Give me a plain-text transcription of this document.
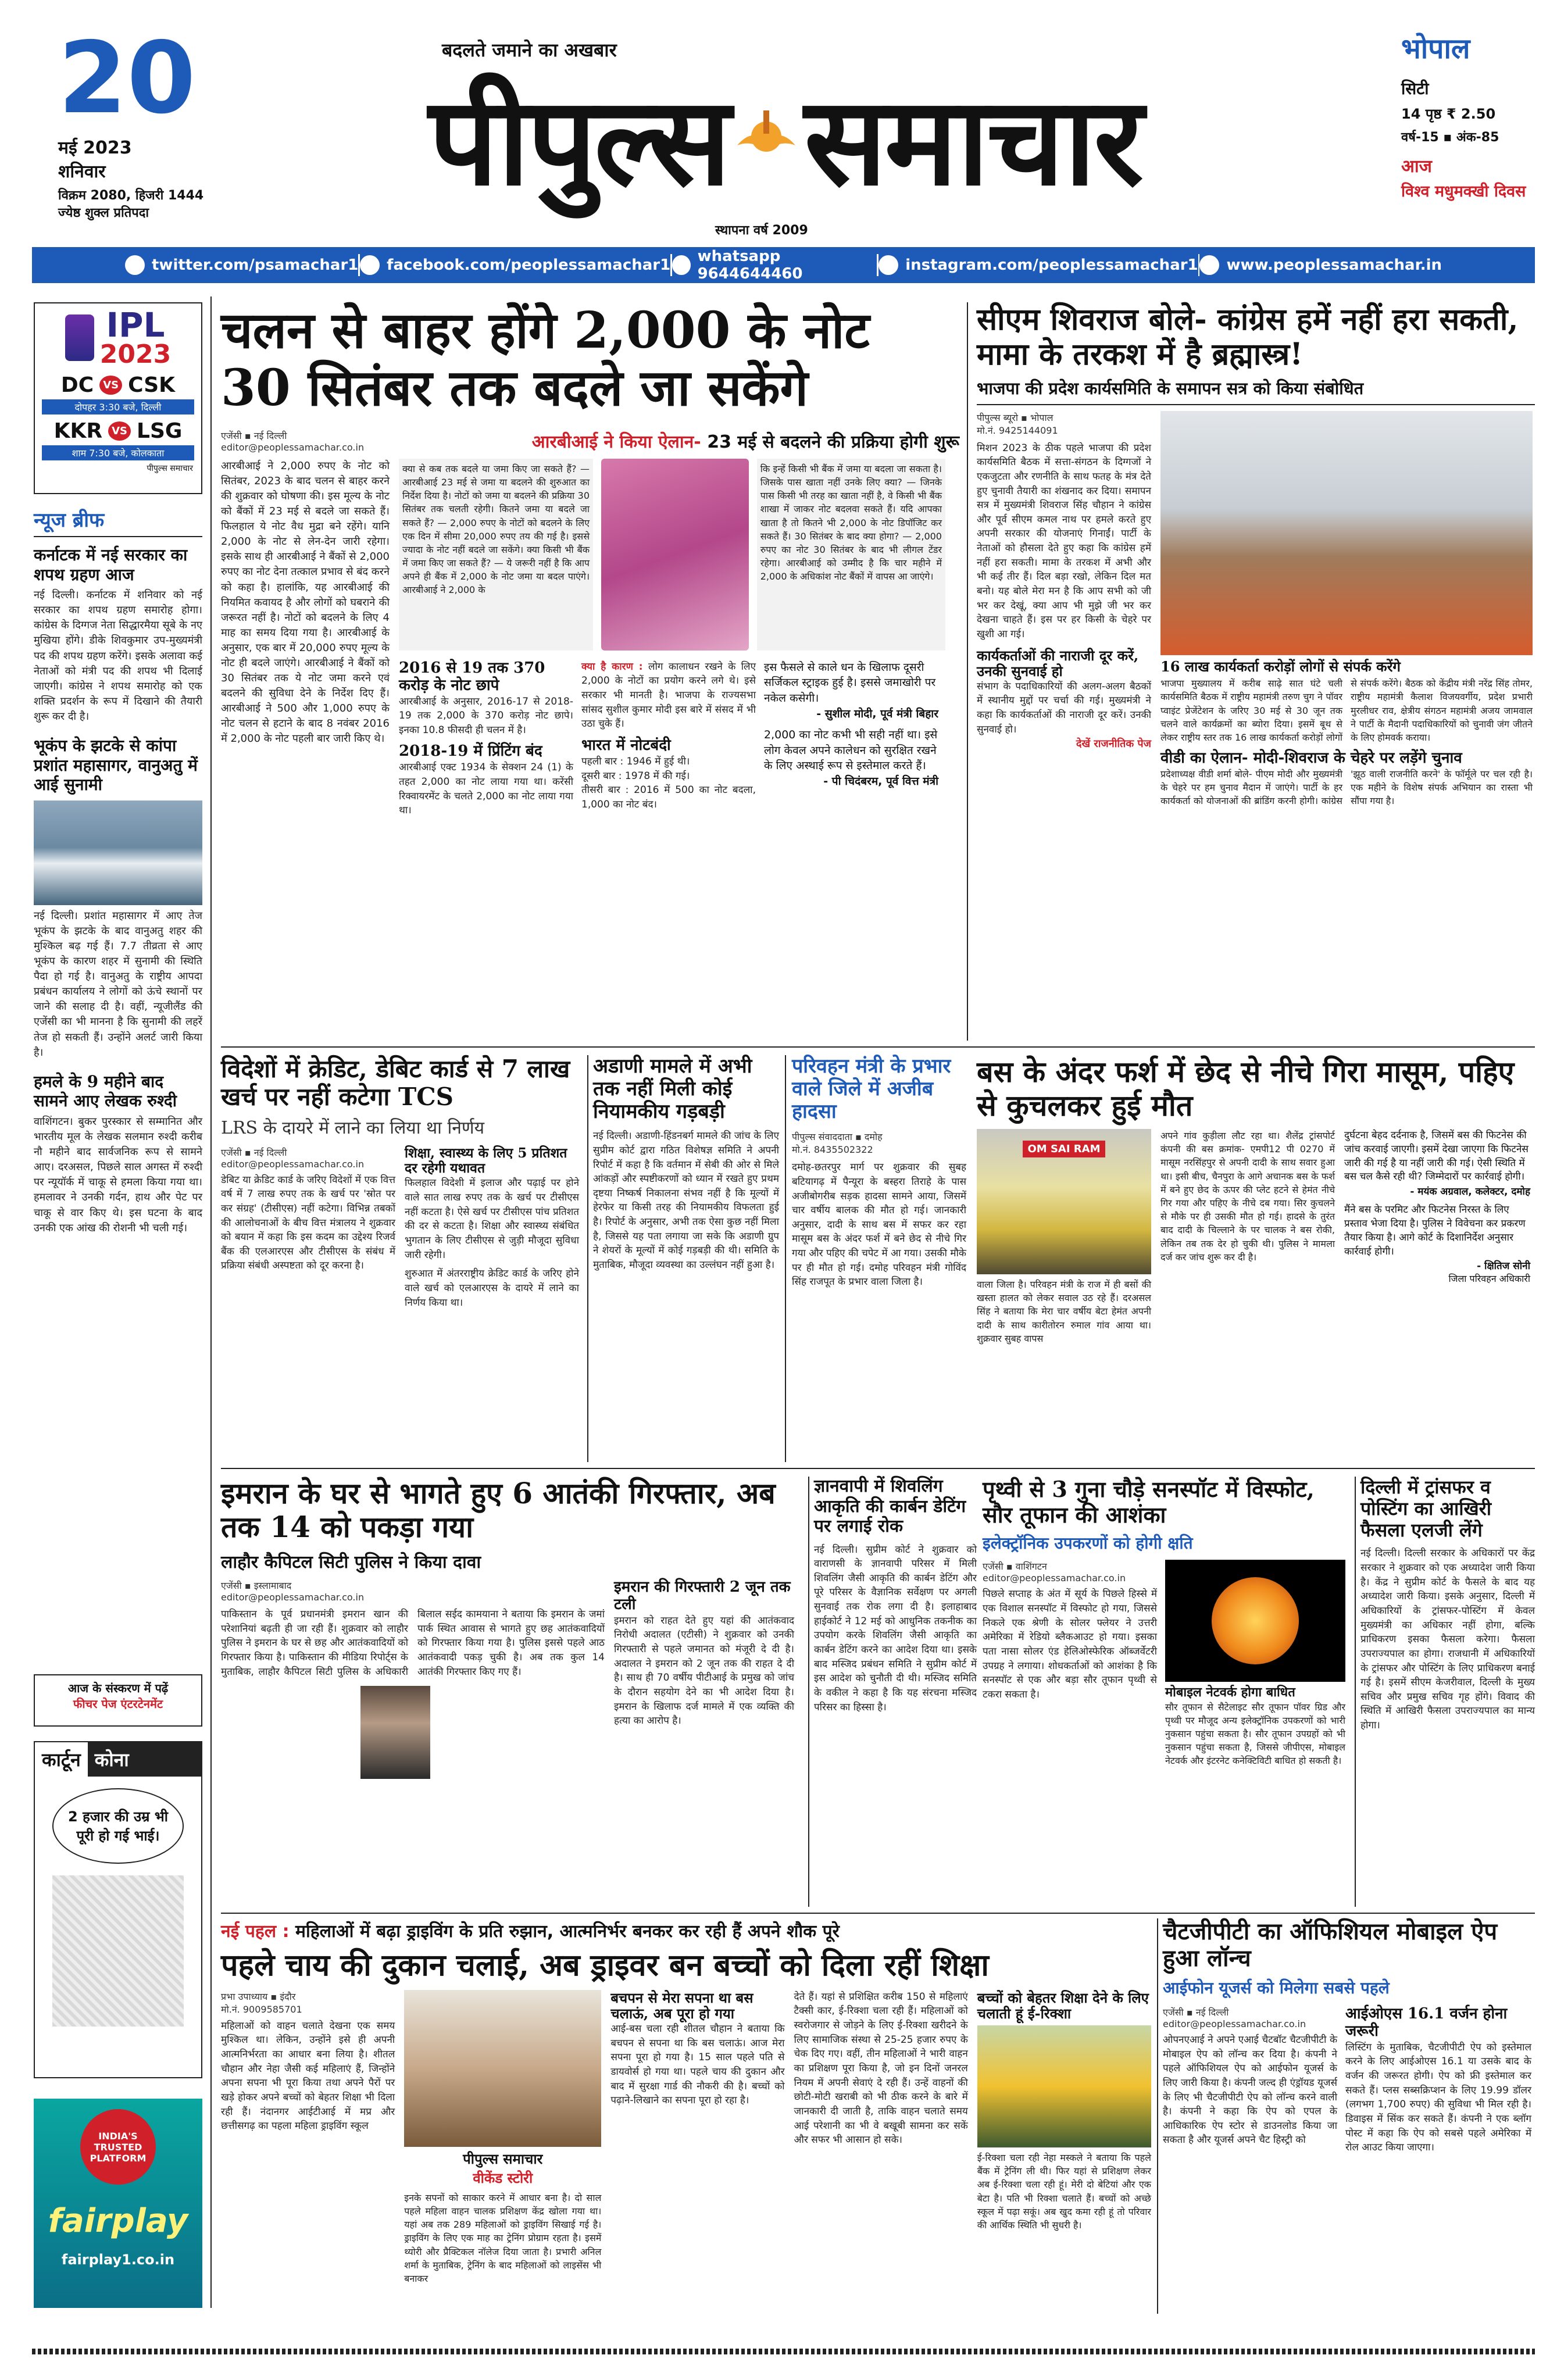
20
मई 2023
शनिवार
विक्रम 2080, हिजरी 1444
ज्येष्ठ शुक्ल प्रतिपदा
बदलते जमाने का अखबार
पीपुल्स समाचार
स्थापना वर्ष 2009
भोपाल
सिटी
14 पृष्ठ ₹ 2.50
वर्ष-15 ▪ अंक-85
आज
विश्व मधुमक्खी दिवस
twitter.com/psamachar1 facebook.com/peoplessamachar1 whatsapp 9644644460	instagram.com/peoplessamachar1 www.peoplessamachar.in
IPL
2023
DC VS CSK
दोपहर 3:30 बजे, दिल्ली
KKR VS LSG
शाम 7:30 बजे, कोलकाता
पीपुल्स समाचार
न्यूज ब्रीफ
कर्नाटक में नई सरकार का शपथ ग्रहण आज
नई दिल्ली। कर्नाटक में शनिवार को नई सरकार का शपथ ग्रहण समारोह होगा। कांग्रेस के दिग्गज नेता सिद्धारमैया सूबे के नए मुखिया होंगे। डीके शिवकुमार उप-मुख्यमंत्री पद की शपथ ग्रहण करेंगे। इसके अलावा कई नेताओं को मंत्री पद की शपथ भी दिलाई जाएगी। कांग्रेस ने शपथ समारोह को एक शक्ति प्रदर्शन के रूप में दिखाने की तैयारी शुरू कर दी है।
भूकंप के झटके से कांपा प्रशांत महासागर, वानुअतु में आई सुनामी
नई दिल्ली। प्रशांत महासागर में आए तेज भूकंप के झटके के बाद वानुअतु शहर की मुश्किल बढ़ गई हैं। 7.7 तीव्रता से आए भूकंप के कारण शहर में सुनामी की स्थिति पैदा हो गई है। वानुअतु के राष्ट्रीय आपदा प्रबंधन कार्यालय ने लोगों को ऊंचे स्थानों पर जाने की सलाह दी है। वहीं, न्यूजीलैंड की एजेंसी का भी मानना है कि सुनामी की लहरें तेज हो सकती हैं। उन्होंने अलर्ट जारी किया है।
हमले के 9 महीने बाद सामने आए लेखक रुश्दी
वाशिंगटन। बुकर पुरस्कार से सम्मानित और भारतीय मूल के लेखक सलमान रुश्दी करीब नौ महीने बाद सार्वजनिक रूप से सामने आए। दरअसल, पिछले साल अगस्त में रुश्दी पर न्यूयॉर्क में चाकू से हमला किया गया था। हमलावर ने उनकी गर्दन, हाथ और पेट पर चाकू से वार किए थे। इस घटना के बाद उनकी एक आंख की रोशनी भी चली गई।
आज के संस्करण में पढ़ें
फीचर पेज एंटरटेनमेंट
कार्टून कोना
2 हजार की उम्र भी पूरी हो गई भाई।
INDIA'S TRUSTED PLATFORM
fairplay
fairplay1.co.in
चलन से बाहर होंगे 2,000 के नोट
30 सितंबर तक बदले जा सकेंगे
एजेंसी ▪ नई दिल्ली
editor@peoplessamachar.co.in	आरबीआई ने किया ऐलान- 23 मई से बदलने की प्रक्रिया होगी शुरू
आरबीआई ने 2,000 रुपए के नोट को सितंबर, 2023 के बाद चलन से बाहर करने की शुक्रवार को घोषणा की। इस मूल्य के नोट को बैंकों में 23 मई से बदले जा सकते हैं। फिलहाल ये नोट वैध मुद्रा बने रहेंगे। यानि 2,000 के नोट से लेन-देन जारी रहेगा। इसके साथ ही आरबीआई ने बैंकों से 2,000 रुपए का नोट देना तत्काल प्रभाव से बंद करने को कहा है। हालांकि, यह आरबीआई की नियमित कवायद है और लोगों को घबराने की जरूरत नहीं है। नोटों को बदलने के लिए 4 माह का समय दिया गया है। आरबीआई के अनुसार, एक बार में 20,000 रुपए मूल्य के नोट ही बदले जाएंगे। आरबीआई ने बैंकों को 30 सितंबर तक ये नोट जमा करने एवं बदलने की सुविधा देने के निर्देश दिए हैं। आरबीआई ने 500 और 1,000 रुपए के नोट चलन से हटाने के बाद 8 नवंबर 2016 में 2,000 के नोट पहली बार जारी किए थे।
क्या से कब तक बदले या जमा किए जा सकते हैं? — आरबीआई 23 मई से जमा या बदलने की शुरुआत का निर्देश दिया है। नोटों को जमा या बदलने की प्रक्रिया 30 सितंबर तक चलती रहेगी। कितने जमा या बदले जा सकते हैं? — 2,000 रुपए के नोटों को बदलने के लिए एक दिन में सीमा 20,000 रुपए तय की गई है। इससे ज्यादा के नोट नहीं बदले जा सकेंगे। क्या किसी भी बैंक में जमा किए जा सकते हैं? — ये जरूरी नहीं है कि आप अपने ही बैंक में 2,000 के नोट जमा या बदल पाएंगे। आरबीआई ने 2,000 के
कि इन्हें किसी भी बैंक में जमा या बदला जा सकता है। जिसके पास खाता नहीं उनके लिए क्या? — जिनके पास किसी भी तरह का खाता नहीं है, वे किसी भी बैंक शाखा में जाकर नोट बदलवा सकते हैं। यदि आपका खाता है तो कितने भी 2,000 के नोट डिपॉजिट कर सकते हैं। 30 सितंबर के बाद क्या होगा? — 2,000 रुपए का नोट 30 सितंबर के बाद भी लीगल टेंडर रहेगा। आरबीआई को उम्मीद है कि चार महीने में 2,000 के अधिकांश नोट बैंकों में वापस आ जाएंगे।
2016 से 19 तक 370 करोड़ के नोट छापे
आरबीआई के अनुसार, 2016-17 से 2018-19 तक 2,000 के 370 करोड़ नोट छापे। इनका 10.8 फीसदी ही चलन में है।
2018-19 में प्रिंटिंग बंद
आरबीआई एक्ट 1934 के सेक्शन 24 (1) के तहत 2,000 का नोट लाया गया था। करेंसी रिक्वायरमेंट के चलते 2,000 का नोट लाया गया था।
क्या है कारण : लोग कालाधन रखने के लिए 2,000 के नोटों का प्रयोग करने लगे थे। इसे सरकार भी मानती है। भाजपा के राज्यसभा सांसद सुशील कुमार मोदी इस बारे में संसद में भी उठा चुके हैं।
भारत में नोटबंदी
पहली बार : 1946 में हुई थी।
दूसरी बार : 1978 में की गई।
तीसरी बार : 2016 में 500 का नोट बदला, 1,000 का नोट बंद।
इस फैसले से काले धन के खिलाफ दूसरी सर्जिकल स्ट्राइक हुई है। इससे जमाखोरी पर नकेल कसेगी।
- सुशील मोदी, पूर्व मंत्री बिहार
2,000 का नोट कभी भी सही नहीं था। इसे लोग केवल अपने कालेधन को सुरक्षित रखने के लिए अस्थाई रूप से इस्तेमाल करते हैं।
- पी चिदंबरम, पूर्व वित्त मंत्री
सीएम शिवराज बोले- कांग्रेस हमें नहीं हरा सकती, मामा के तरकश में है ब्रह्मास्त्र!
भाजपा की प्रदेश कार्यसमिति के समापन सत्र को किया संबोधित
पीपुल्स ब्यूरो ▪ भोपाल
मो.नं. 9425144091
मिशन 2023 के ठीक पहले भाजपा की प्रदेश कार्यसमिति बैठक में सत्ता-संगठन के दिग्गजों ने एकजुटता और रणनीति के साथ फतह के मंत्र देते हुए चुनावी तैयारी का शंखनाद कर दिया। समापन सत्र में मुख्यमंत्री शिवराज सिंह चौहान ने कांग्रेस और पूर्व सीएम कमल नाथ पर हमले करते हुए अपनी सरकार की योजनाएं गिनाईं। पार्टी के नेताओं को हौसला देते हुए कहा कि कांग्रेस हमें नहीं हरा सकती। मामा के तरकश में अभी और भी कई तीर हैं। दिल बड़ा रखो, लेकिन दिल मत बनो। यह बोले मेरा मन है कि आप सभी को जी भर कर देखूं, क्या आप भी मुझे जी भर कर देखना चाहते हैं। इस पर हर किसी के चेहरे पर खुशी आ गई।
कार्यकर्ताओं की नाराजी दूर करें, उनकी सुनवाई हो
संभाग के पदाधिकारियों की अलग-अलग बैठकों में स्थानीय मुद्दों पर चर्चा की गई। मुख्यमंत्री ने कहा कि कार्यकर्ताओं की नाराजी दूर करें। उनकी सुनवाई हो।
देखें राजनीतिक पेज
16 लाख कार्यकर्ता करोड़ों लोगों से संपर्क करेंगे
भाजपा मुख्यालय में करीब साढ़े सात घंटे चली कार्यसमिति बैठक में राष्ट्रीय महामंत्री तरुण चुग ने पॉवर प्वाइंट प्रेजेंटेशन के जरिए 30 मई से 30 जून तक चलने वाले कार्यक्रमों का ब्योरा दिया। इसमें बूथ से लेकर राष्ट्रीय स्तर तक 16 लाख कार्यकर्ता करोड़ों लोगों से संपर्क करेंगे। बैठक को केंद्रीय मंत्री नरेंद्र सिंह तोमर, राष्ट्रीय महामंत्री कैलाश विजयवर्गीय, प्रदेश प्रभारी मुरलीधर राव, क्षेत्रीय संगठन महामंत्री अजय जामवाल ने पार्टी के मैदानी पदाधिकारियों को चुनावी जंग जीतने के लिए होमवर्क कराया।
वीडी का ऐलान- मोदी-शिवराज के चेहरे पर लड़ेंगे चुनाव
प्रदेशाध्यक्ष वीडी शर्मा बोले- पीएम मोदी और मुख्यमंत्री के चेहरे पर हम चुनाव मैदान में जाएंगे। पार्टी के हर कार्यकर्ता को योजनाओं की ब्रांडिंग करनी होगी। कांग्रेस 'झूठ वाली राजनीति करने' के फॉर्मूले पर चल रही है। एक महीने के विशेष संपर्क अभियान का रास्ता भी सौंपा गया है।
विदेशों में क्रेडिट, डेबिट कार्ड से 7 लाख खर्च पर नहीं कटेगा TCS
LRS के दायरे में लाने का लिया था निर्णय
एजेंसी ▪ नई दिल्ली
editor@peoplessamachar.co.in
डेबिट या क्रेडिट कार्ड के जरिए विदेशों में एक वित्त वर्ष में 7 लाख रुपए तक के खर्च पर 'स्रोत पर कर संग्रह' (टीसीएस) नहीं कटेगा। विभिन्न तबकों की आलोचनाओं के बीच वित्त मंत्रालय ने शुक्रवार को बयान में कहा कि इस कदम का उद्देश्य रिजर्व बैंक की एलआरएस और टीसीएस के संबंध में प्रक्रिया संबंधी अस्पष्टता को दूर करना है।
शिक्षा, स्वास्थ्य के लिए 5 प्रतिशत दर रहेगी यथावत
फिलहाल विदेशी में इलाज और पढ़ाई पर होने वाले सात लाख रुपए तक के खर्च पर टीसीएस नहीं कटता है। ऐसे खर्च पर टीसीएस पांच प्रतिशत की दर से कटता है। शिक्षा और स्वास्थ्य संबंधित भुगतान के लिए टीसीएस से जुड़ी मौजूदा सुविधा जारी रहेगी।
शुरुआत में अंतरराष्ट्रीय क्रेडिट कार्ड के जरिए होने वाले खर्च को एलआरएस के दायरे में लाने का निर्णय किया था।
अडाणी मामले में अभी तक नहीं मिली कोई नियामकीय गड़बड़ी
नई दिल्ली। अडाणी-हिंडनबर्ग मामले की जांच के लिए सुप्रीम कोर्ट द्वारा गठित विशेषज्ञ समिति ने अपनी रिपोर्ट में कहा है कि वर्तमान में सेबी की ओर से मिले आंकड़ों और स्पष्टीकरणों को ध्यान में रखते हुए प्रथम दृष्टया निष्कर्ष निकालना संभव नहीं है कि मूल्यों में हेरफेर या किसी तरह की नियामकीय विफलता हुई है। रिपोर्ट के अनुसार, अभी तक ऐसा कुछ नहीं मिला है, जिससे यह पता लगाया जा सके कि अडाणी ग्रुप ने शेयरों के मूल्यों में कोई गड़बड़ी की थी। समिति के मुताबिक, मौजूदा व्यवस्था का उल्लंघन नहीं हुआ है।
परिवहन मंत्री के प्रभार वाले जिले में अजीब हादसा
पीपुल्स संवाददाता ▪ दमोह
मो.नं. 8435502322
दमोह-छतरपुर मार्ग पर शुक्रवार की सुबह बटियागढ़ में पैन्यूरा के बस्हरा तिराहे के पास अजीबोगरीब सड़क हादसा सामने आया, जिसमें चार वर्षीय बालक की मौत हो गई। जानकारी अनुसार, दादी के साथ बस में सफर कर रहा मासूम बस के अंदर फर्श में बने छेद से नीचे गिर गया और पहिए की चपेट में आ गया। उसकी मौके पर ही मौत हो गई। दमोह परिवहन मंत्री गोविंद सिंह राजपूत के प्रभार वाला जिला है।
बस के अंदर फर्श में छेद से नीचे गिरा मासूम, पहिए से कुचलकर हुई मौत
OM SAI RAM
वाला जिला है। परिवहन मंत्री के राज में ही बसों की खस्ता हालत को लेकर सवाल उठ रहे हैं। दरअसल सिंह ने बताया कि मेरा चार वर्षीय बेटा हेमंत अपनी दादी के साथ कारीतोरन रुमाल गांव आया था। शुक्रवार सुबह वापस
अपने गांव कुड़ीला लौट रहा था। शैलेंद्र ट्रांसपोर्ट कंपनी की बस क्रमांक- एमपी12 पी 0270 में मासूम नरसिंहपुर से अपनी दादी के साथ सवार हुआ था। इसी बीच, चैनपुरा के आगे अचानक बस के फर्श में बने हुए छेद के ऊपर की प्लेट हटने से हेमंत नीचे गिर गया और पहिए के नीचे दब गया। सिर कुचलने से मौके पर ही उसकी मौत हो गई। हादसे के तुरंत बाद दादी के चिल्लाने के पर चालक ने बस रोकी, लेकिन तब तक देर हो चुकी थी। पुलिस ने मामला दर्ज कर जांच शुरू कर दी है।
दुर्घटना बेहद दर्दनाक है, जिसमें बस की फिटनेस की जांच करवाई जाएगी। इसमें देखा जाएगा कि फिटनेस जारी की गई है या नहीं जारी की गई। ऐसी स्थिति में बस चल कैसे रही थी? जिम्मेदारों पर कार्रवाई होगी।
- मयंक अग्रवाल, कलेक्टर, दमोह
मैंने बस के परमिट और फिटनेस निरस्त के लिए प्रस्ताव भेजा दिया है। पुलिस ने विवेचना कर प्रकरण तैयार किया है। आगे कोर्ट के दिशानिर्देश अनुसार कार्रवाई होगी।
- क्षितिज सोनी
जिला परिवहन अधिकारी
इमरान के घर से भागते हुए 6 आतंकी गिरफ्तार, अब तक 14 को पकड़ा गया
लाहौर कैपिटल सिटी पुलिस ने किया दावा
एजेंसी ▪ इस्लामाबाद
editor@peoplessamachar.co.in
पाकिस्तान के पूर्व प्रधानमंत्री इमरान खान की परेशानियां बढ़ती ही जा रही हैं। शुक्रवार को लाहौर पुलिस ने इमरान के घर से छह और आतंकवादियों को गिरफ्तार किया है। पाकिस्तान की मीडिया रिपोर्ट्स के मुताबिक, लाहौर कैपिटल सिटी पुलिस के अधिकारी बिलाल सईद कामयाना ने बताया कि इमरान के जमां पार्क स्थित आवास से भागते हुए छह आतंकवादियों को गिरफ्तार किया गया है। पुलिस इससे पहले आठ आतंकवादी पकड़ चुकी है। अब तक कुल 14 आतंकी गिरफ्तार किए गए हैं।
इमरान की गिरफ्तारी 2 जून तक टली
इमरान को राहत देते हुए यहां की आतंकवाद निरोधी अदालत (एटीसी) ने शुक्रवार को उनकी गिरफ्तारी से पहले जमानत को मंजूरी दे दी है। अदालत ने इमरान को 2 जून तक की राहत दे दी है। साथ ही 70 वर्षीय पीटीआई के प्रमुख को जांच के दौरान सहयोग देने का भी आदेश दिया है। इमरान के खिलाफ दर्ज मामले में एक व्यक्ति की हत्या का आरोप है।
ज्ञानवापी में शिवलिंग आकृति की कार्बन डेटिंग पर लगाई रोक
नई दिल्ली। सुप्रीम कोर्ट ने शुक्रवार को वाराणसी के ज्ञानवापी परिसर में मिली शिवलिंग जैसी आकृति की कार्बन डेटिंग और पूरे परिसर के वैज्ञानिक सर्वेक्षण पर अगली सुनवाई तक रोक लगा दी है। इलाहाबाद हाईकोर्ट ने 12 मई को आधुनिक तकनीक का उपयोग करके शिवलिंग जैसी आकृति का कार्बन डेटिंग करने का आदेश दिया था। इसके बाद मस्जिद प्रबंधन समिति ने सुप्रीम कोर्ट में इस आदेश को चुनौती दी थी। मस्जिद समिति के वकील ने कहा है कि यह संरचना मस्जिद परिसर का हिस्सा है।
पृथ्वी से 3 गुना चौड़े सनस्पॉट में विस्फोट, सौर तूफान की आशंका
इलेक्ट्रॉनिक उपकरणों को होगी क्षति
एजेंसी ▪ वाशिंगटन
editor@peoplessamachar.co.in
पिछले सप्ताह के अंत में सूर्य के पिछले हिस्से में एक विशाल सनस्पॉट में विस्फोट हो गया, जिससे निकले एक श्रेणी के सोलर फ्लेयर ने उत्तरी अमेरिका में रेडियो ब्लैकआउट हो गया। इसका पता नासा सोलर एंड हेलिओस्फेरिक ऑब्जर्वेटरी उपग्रह ने लगाया। शोधकर्ताओं को आशंका है कि सनस्पॉट से एक और बड़ा सौर तूफान पृथ्वी से टकरा सकता है।	मोबाइल नेटवर्क होगा बाधित
सौर तूफान से सैटेलाइट सौर तूफान पॉवर ग्रिड और पृथ्वी पर मौजूद अन्य इलेक्ट्रॉनिक उपकरणों को भारी नुकसान पहुंचा सकता है। सौर तूफान उपग्रहों को भी नुकसान पहुंचा सकता है, जिससे जीपीएस, मोबाइल नेटवर्क और इंटरनेट कनेक्टिविटी बाधित हो सकती है।
दिल्ली में ट्रांसफर व पोस्टिंग का आखिरी फैसला एलजी लेंगे
नई दिल्ली। दिल्ली सरकार के अधिकारों पर केंद्र सरकार ने शुक्रवार को एक अध्यादेश जारी किया है। केंद्र ने सुप्रीम कोर्ट के फैसले के बाद यह अध्यादेश जारी किया। इसके अनुसार, दिल्ली में अधिकारियों के ट्रांसफर-पोस्टिंग में केवल मुख्यमंत्री का अधिकार नहीं होगा, बल्कि प्राधिकरण इसका फैसला करेगा। फैसला उपराज्यपाल का होगा। राजधानी में अधिकारियों के ट्रांसफर और पोस्टिंग के लिए प्राधिकरण बनाई गई है। इसमें सीएम केजरीवाल, दिल्ली के मुख्य सचिव और प्रमुख सचिव गृह होंगे। विवाद की स्थिति में आखिरी फैसला उपराज्यपाल का मान्य होगा।
नई पहल : महिलाओं में बढ़ा ड्राइविंग के प्रति रुझान, आत्मनिर्भर बनकर कर रही हैं अपने शौक पूरे
पहले चाय की दुकान चलाई, अब ड्राइवर बन बच्चों को दिला रहीं शिक्षा
प्रभा उपाध्याय ▪ इंदौर
मो.नं. 9009585701
महिलाओं को वाहन चलाते देखना एक समय मुश्किल था। लेकिन, उन्होंने इसे ही अपनी आत्मनिर्भरता का आधार बना लिया है। शीतल चौहान और नेहा जैसी कई महिलाएं हैं, जिन्होंने अपना सपना भी पूरा किया तथा अपने पैरों पर खड़े होकर अपने बच्चों को बेहतर शिक्षा भी दिला रही हैं। नंदानगर आईटीआई में मप्र और छत्तीसगढ़ का पहला महिला ड्राइविंग स्कूल
पीपुल्स समाचार
वीकेंड स्टोरी
इनके सपनों को साकार करने में आधार बना है। दो साल पहले महिला वाहन चालक प्रशिक्षण केंद्र खोला गया था। यहां अब तक 289 महिलाओं को ड्राइविंग सिखाई गई है। ड्राइविंग के लिए एक माह का ट्रेनिंग प्रोग्राम रहता है। इसमें थ्योरी और प्रैक्टिकल नॉलेज दिया जाता है। प्रभारी अनिल शर्मा के मुताबिक, ट्रेनिंग के बाद महिलाओं को लाइसेंस भी बनाकर
बचपन से मेरा सपना था बस चलाऊं, अब पूरा हो गया
आई-बस चला रही शीतल चौहान ने बताया कि बचपन से सपना था कि बस चलाऊं। आज मेरा सपना पूरा हो गया है। 15 साल पहले पति से डायवोर्स हो गया था। पहले चाय की दुकान और बाद में सुरक्षा गार्ड की नौकरी की है। बच्चों को पढ़ाने-लिखाने का सपना पूरा हो रहा है।
देते हैं। यहां से प्रशिक्षित करीब 150 से महिलाएं टैक्सी कार, ई-रिक्शा चला रही हैं। महिलाओं को स्वरोजगार से जोड़ने के लिए ई-रिक्शा खरीदने के लिए सामाजिक संस्था से 25-25 हजार रुपए के चेक दिए गए। वहीं, तीन महिलाओं ने भारी वाहन का प्रशिक्षण पूरा किया है, जो इन दिनों जनरल नियम में अपनी सेवाएं दे रही हैं। उन्हें वाहनों की छोटी-मोटी खराबी को भी ठीक करने के बारे में जानकारी दी जाती है, ताकि वाहन चलाते समय आई परेशानी का भी वे बखूबी सामना कर सकें और सफर भी आसान हो सके।
बच्चों को बेहतर शिक्षा देने के लिए चलाती हूं ई-रिक्शा
ई-रिक्शा चला रही नेहा मस्कले ने बताया कि पहले बैंक में ट्रेनिंग ली थी। फिर यहां से प्रशिक्षण लेकर अब ई-रिक्शा चला रही हूं। मेरी दो बेटियां और एक बेटा है। पति भी रिक्शा चलाते हैं। बच्चों को अच्छे स्कूल में पढ़ा सकूं। अब खुद कमा रही हूं तो परिवार की आर्थिक स्थिति भी सुधरी है।
चैटजीपीटी का ऑफिशियल मोबाइल ऐप हुआ लॉन्च
आईफोन यूजर्स को मिलेगा सबसे पहले
एजेंसी ▪ नई दिल्ली
editor@peoplessamachar.co.in
ओपनएआई ने अपने एआई चैटबॉट चैटजीपीटी के मोबाइल ऐप को लॉन्च कर दिया है। कंपनी ने पहले ऑफिशियल ऐप को आईफोन यूजर्स के लिए जारी किया है। कंपनी जल्द ही एंड्रॉयड यूजर्स के लिए भी चैटजीपीटी ऐप को लॉन्च करने वाली है। कंपनी ने कहा कि ऐप को एपल के आधिकारिक ऐप स्टोर से डाउनलोड किया जा सकता है और यूजर्स अपने चैट हिस्ट्री को
आईओएस 16.1 वर्जन होना जरूरी
लिस्टिंग के मुताबिक, चैटजीपीटी ऐप को इस्तेमाल करने के लिए आईओएस 16.1 या उसके बाद के वर्जन की जरूरत होगी। ऐप को फ्री इस्तेमाल कर सकते हैं। प्लस सब्सक्रिप्शन के लिए 19.99 डॉलर (लगभग 1,700 रुपए) की सुविधा भी मिल रही है। डिवाइस में सिंक कर सकते हैं। कंपनी ने एक ब्लॉग पोस्ट में कहा कि ऐप को सबसे पहले अमेरिका में रोल आउट किया जाएगा।
